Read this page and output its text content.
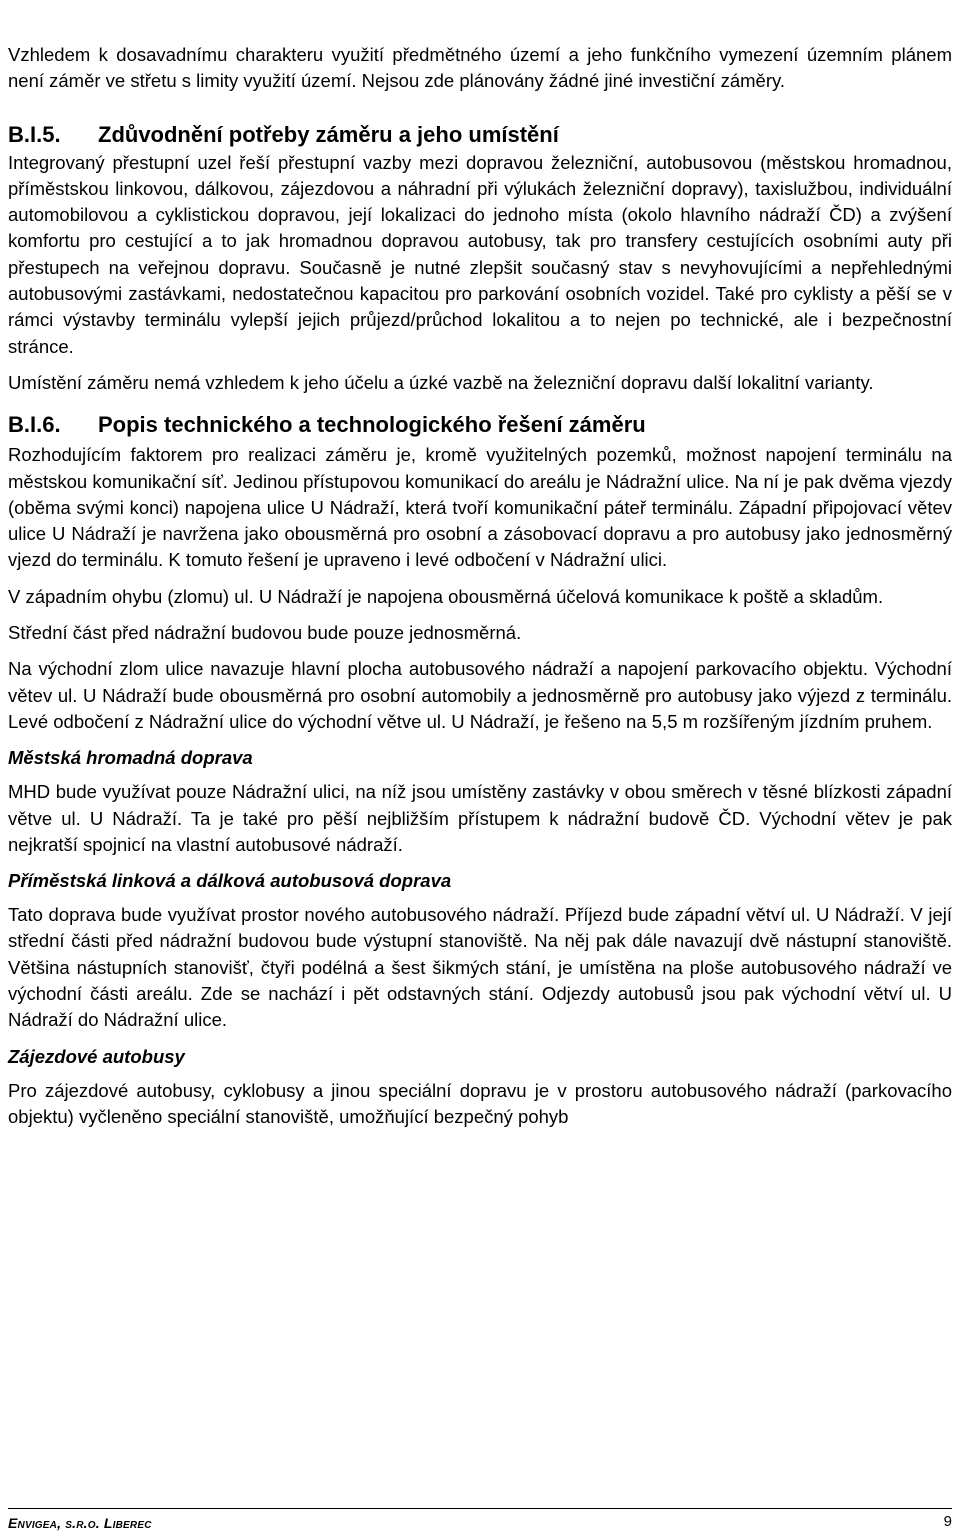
Vzhledem k dosavadnímu charakteru využití předmětného území a jeho funkčního vymezení územním plánem není záměr ve střetu s limity využití území. Nejsou zde plánovány žádné jiné investiční záměry.

B.I.5.	Zdůvodnění potřeby záměru a jeho umístění

Integrovaný přestupní uzel řeší přestupní vazby mezi dopravou železniční, autobusovou (městskou hromadnou, příměstskou linkovou, dálkovou, zájezdovou a náhradní při výlukách železniční dopravy), taxislužbou, individuální automobilovou a cyklistickou dopravou, její lokalizaci do jednoho místa (okolo hlavního nádraží ČD) a zvýšení komfortu pro cestující a to jak hromadnou dopravou autobusy, tak pro transfery cestujících osobními auty při přestupech na veřejnou dopravu. Současně je nutné zlepšit současný stav s nevyhovujícími a nepřehlednými autobusovými zastávkami, nedostatečnou kapacitou pro parkování osobních vozidel. Také pro cyklisty a pěší se v rámci výstavby terminálu vylepší jejich průjezd/průchod lokalitou a to nejen po technické, ale i bezpečnostní stránce.

Umístění záměru nemá vzhledem k jeho účelu a úzké vazbě na železniční dopravu další lokalitní varianty.

B.I.6.	Popis technického a technologického řešení záměru

Rozhodujícím faktorem pro realizaci záměru je, kromě využitelných pozemků, možnost napojení terminálu na městskou komunikační síť. Jedinou přístupovou komunikací do areálu je Nádražní ulice. Na ní je pak dvěma vjezdy (oběma svými konci) napojena ulice U Nádraží, která tvoří komunikační páteř terminálu. Západní připojovací větev ulice U Nádraží je navržena jako obousměrná pro osobní a zásobovací dopravu a pro autobusy jako jednosměrný vjezd do terminálu. K tomuto řešení je upraveno i levé odbočení v Nádražní ulici.

V západním ohybu (zlomu) ul. U Nádraží je napojena obousměrná účelová komunikace k poště a skladům.

Střední část před nádražní budovou bude pouze jednosměrná.

Na východní zlom ulice navazuje hlavní plocha autobusového nádraží a napojení parkovacího objektu. Východní větev ul. U Nádraží bude obousměrná pro osobní automobily a jednosměrně pro autobusy jako výjezd z terminálu. Levé odbočení z Nádražní ulice do východní větve ul. U Nádraží, je řešeno na 5,5 m rozšířeným jízdním pruhem.

Městská hromadná doprava

MHD bude využívat pouze Nádražní ulici, na níž jsou umístěny zastávky v obou směrech v těsné blízkosti západní větve ul. U Nádraží. Ta je také pro pěší nejbližším přístupem k nádražní budově ČD. Východní větev je pak nejkratší spojnicí na vlastní autobusové nádraží.

Příměstská linková a dálková autobusová doprava

Tato doprava bude využívat prostor nového autobusového nádraží. Příjezd bude západní větví ul. U Nádraží. V její střední části před nádražní budovou bude výstupní stanoviště. Na něj pak dále navazují dvě nástupní stanoviště. Většina nástupních stanovišť, čtyři podélná a šest šikmých stání, je umístěna na ploše autobusového nádraží ve východní části areálu. Zde se nachází i pět odstavných stání. Odjezdy autobusů jsou pak východní větví ul. U Nádraží do Nádražní ulice.

Zájezdové autobusy

Pro zájezdové autobusy, cyklobusy a jinou speciální dopravu je v prostoru autobusového nádraží (parkovacího objektu) vyčleněno speciální stanoviště, umožňující bezpečný pohyb

Envigea, s.r.o. Liberec	9
